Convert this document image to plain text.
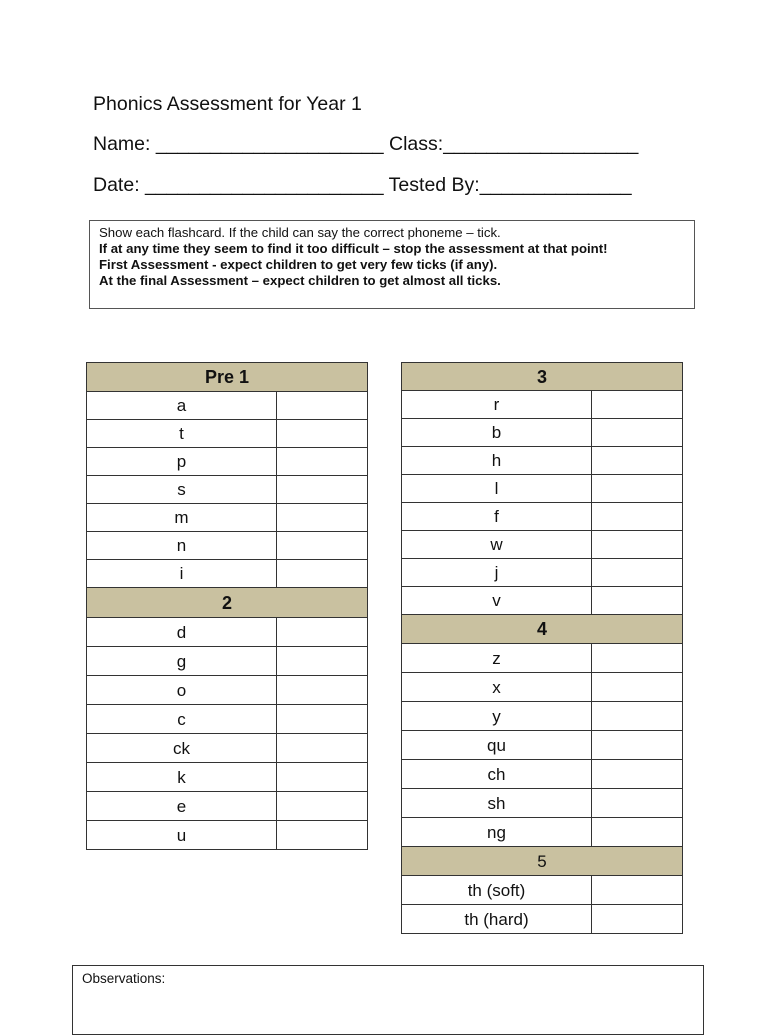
Phonics Assessment for Year 1
Name: _____________________ Class:__________________
Date: ______________________ Tested By:______________
Show each flashcard. If the child can say the correct phoneme – tick.
If at any time they seem to find it too difficult – stop the assessment at that point!
First Assessment - expect children to get very few ticks (if any).
At the final Assessment – expect children to get almost all ticks.
Pre 1	
a	
t	
p	
s	
m	
n	
i	
2	
d	
g	
o	
c	
ck	
k	
e	
u	
3	
r	
b	
h	
l	
f	
w	
j	
v	
4	
z	
x	
y	
qu	
ch	
sh	
ng	
5	
th (soft)	
th (hard)	
Observations:
